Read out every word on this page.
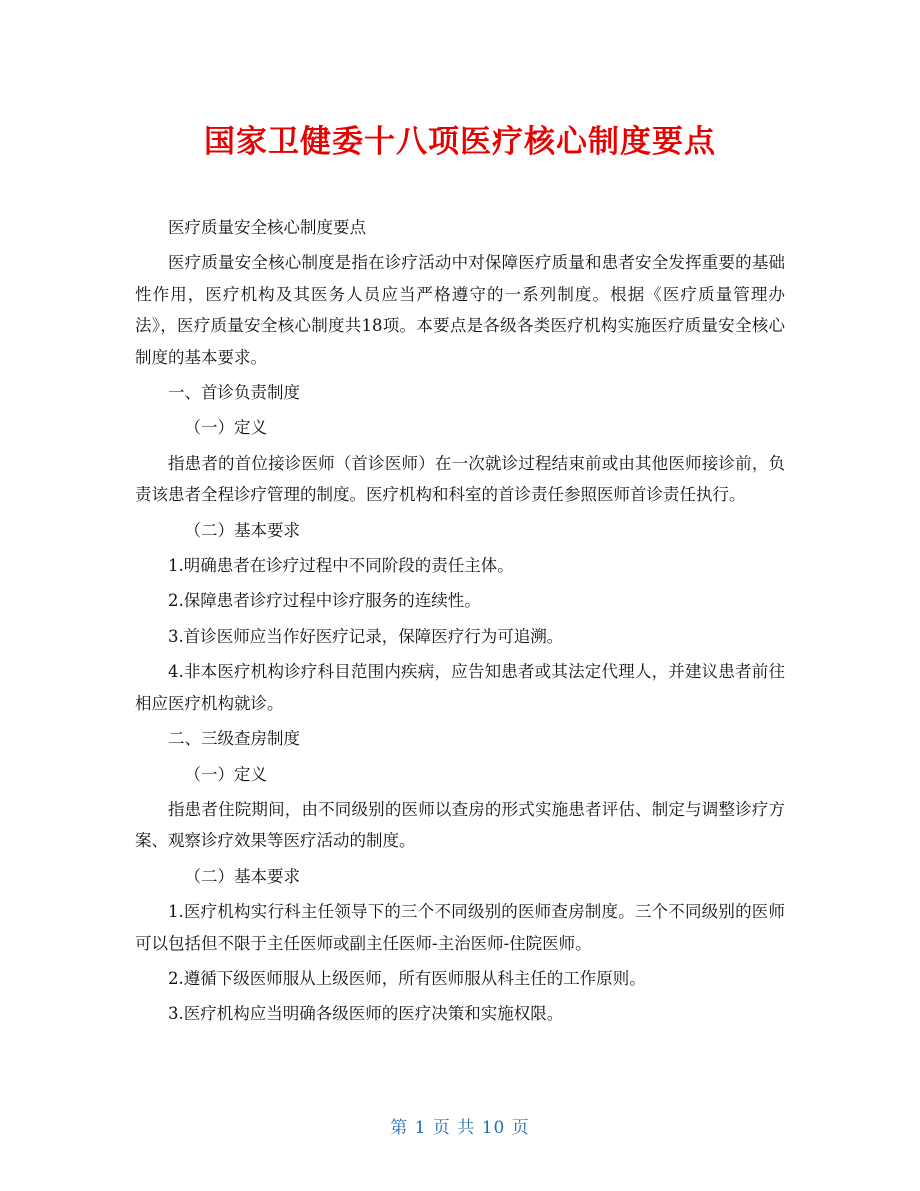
国家卫健委十八项医疗核心制度要点

医疗质量安全核心制度要点

医疗质量安全核心制度是指在诊疗活动中对保障医疗质量和患者安全发挥重要的基础性作用，医疗机构及其医务人员应当严格遵守的一系列制度。根据《医疗质量管理办法》，医疗质量安全核心制度共18项。本要点是各级各类医疗机构实施医疗质量安全核心制度的基本要求。

一、首诊负责制度

（一）定义

指患者的首位接诊医师（首诊医师）在一次就诊过程结束前或由其他医师接诊前，负责该患者全程诊疗管理的制度。医疗机构和科室的首诊责任参照医师首诊责任执行。

（二）基本要求

1.明确患者在诊疗过程中不同阶段的责任主体。

2.保障患者诊疗过程中诊疗服务的连续性。

3.首诊医师应当作好医疗记录，保障医疗行为可追溯。

4.非本医疗机构诊疗科目范围内疾病，应告知患者或其法定代理人，并建议患者前往相应医疗机构就诊。

二、三级查房制度

（一）定义

指患者住院期间，由不同级别的医师以查房的形式实施患者评估、制定与调整诊疗方案、观察诊疗效果等医疗活动的制度。

（二）基本要求

1.医疗机构实行科主任领导下的三个不同级别的医师查房制度。三个不同级别的医师可以包括但不限于主任医师或副主任医师-主治医师-住院医师。

2.遵循下级医师服从上级医师，所有医师服从科主任的工作原则。

3.医疗机构应当明确各级医师的医疗决策和实施权限。

第 1 页 共 10 页
